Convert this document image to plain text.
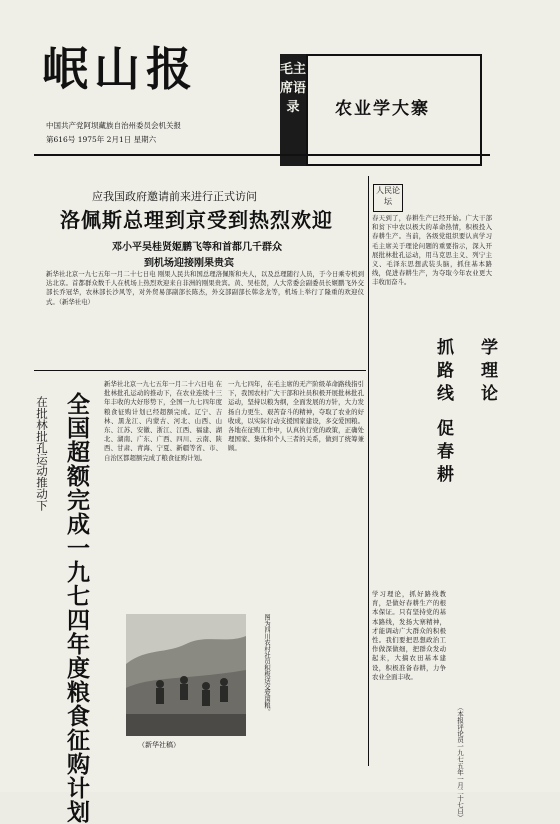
岷山报
中国共产党阿坝藏族自治州委员会机关报
第616号 1975年 2月1日 星期六
毛主席语录	农业学大寨
应我国政府邀请前来进行正式访问
洛佩斯总理到京受到热烈欢迎
邓小平吴桂贤姬鹏飞等和首都几千群众
到机场迎接刚果贵宾
新华社北京一九七五年一月二十七日电 刚果人民共和国总理洛佩斯和夫人，以及总理随行人员，于今日乘专机到达北京。首都群众数千人在机场上热烈欢迎来自非洲的刚果贵宾。黄、吴桂贤，人大常委会副委员长姬鹏飞外交部长乔冠华，农林部长沙风等，对外贸易部副部长陈杰，外交部副部长韩念龙等，机场上举行了隆重的欢迎仪式。（新华社电）
在批林批孔运动推动下 全国超额完成一九七四年度粮食征购计划
新华社北京一九七五年一月二十六日电 在批林批孔运动的推动下，在农业连续十三年丰收的大好形势下，全国一九七四年度粮食征购计划已经超额完成。辽宁、吉林、黑龙江、内蒙古、河北、山西、山东、江苏、安徽、浙江、江西、福建、湖北、湖南、广东、广西、四川、云南、陕西、甘肃、青海、宁夏、新疆等省、市、自治区都超额完成了粮食征购计划。
一九七四年，在毛主席的无产阶级革命路线指引下，我国农村广大干部和社员积极开展批林批孔运动，坚持以粮为纲，全面发展的方针，大力发扬自力更生、艰苦奋斗的精神，夺取了农业的好收成，以实际行动支援国家建设，多交爱国粮。各地在征购工作中，认真执行党的政策，正确处理国家、集体和个人三者的关系，做到了统筹兼顾。
图为四川农村社员积极送交爱国粮。
（新华社稿）
人民论坛
春天到了，春耕生产已经开始。广大干部和贫下中农以极大的革命热情，积极投入春耕生产。当前，各级党组织要认真学习毛主席关于理论问题的重要指示，深入开展批林批孔运动，用马克思主义、列宁主义、毛泽东思想武装头脑，抓住基本路线，促进春耕生产，为夺取今年农业更大丰收而奋斗。
学理论
抓路线 促春耕
学习理论，抓好路线教育，是做好春耕生产的根本保证。只有坚持党的基本路线，发扬大寨精神，才能调动广大群众的积极性。我们要把思想政治工作做深做细，把群众发动起来，大搞农田基本建设，积极准备春耕，力争农业全面丰收。
（本报评论员一九七五年一月二十七日）
